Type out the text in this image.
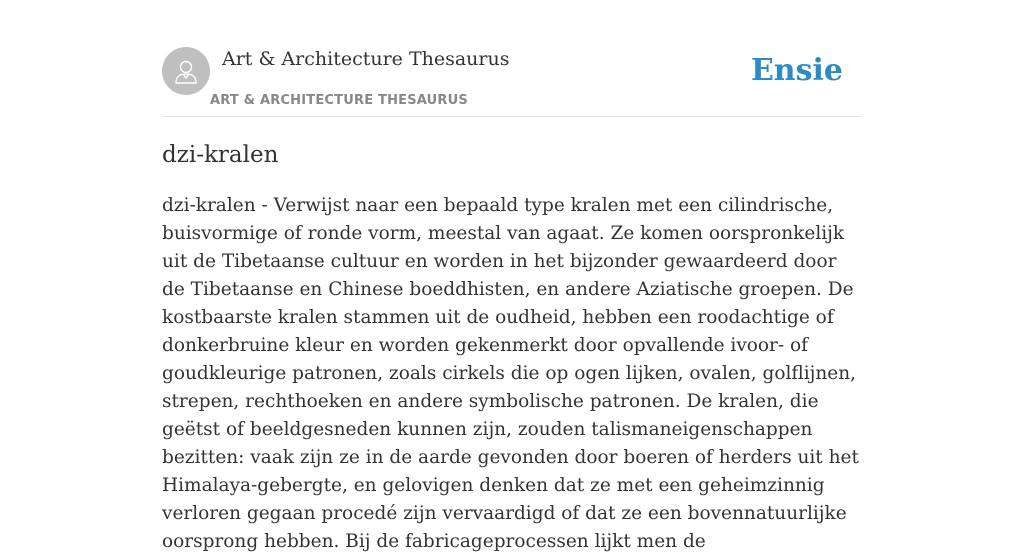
Art & Architecture Thesaurus
ART & ARCHITECTURE THESAURUS
Ensie
dzi-kralen

dzi-kralen - Verwijst naar een bepaald type kralen met een cilindrische, buisvormige of ronde vorm, meestal van agaat. Ze komen oorspronkelijk uit de Tibetaanse cultuur en worden in het bijzonder gewaardeerd door de Tibetaanse en Chinese boeddhisten, en andere Aziatische groepen. De kostbaarste kralen stammen uit de oudheid, hebben een roodachtige of donkerbruine kleur en worden gekenmerkt door opvallende ivoor- of goudkleurige patronen, zoals cirkels die op ogen lijken, ovalen, golflijnen, strepen, rechthoeken en andere symbolische patronen. De kralen, die geëtst of beeldgesneden kunnen zijn, zouden talismaneigenschappen bezitten: vaak zijn ze in de aarde gevonden door boeren of herders uit het Himalaya-gebergte, en gelovigen denken dat ze met een geheimzinnig verloren gegaan procedé zijn vervaardigd of dat ze een bovennatuurlijke oorsprong hebben. Bij de fabricageprocessen lijkt men de
